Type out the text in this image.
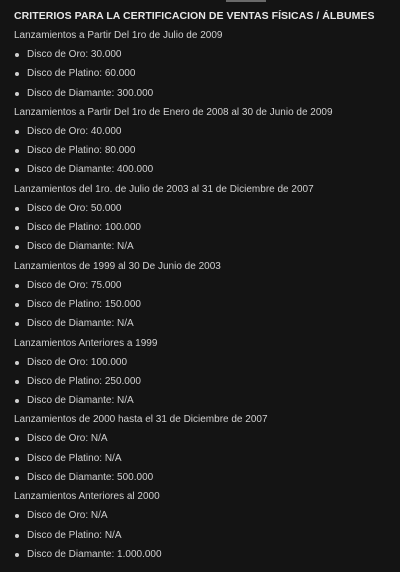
CRITERIOS PARA LA CERTIFICACION DE VENTAS FÍSICAS / ÁLBUMES
Lanzamientos a Partir Del 1ro de Julio de 2009
Disco de Oro: 30.000
Disco de Platino: 60.000
Disco de Diamante: 300.000
Lanzamientos a Partir Del 1ro de Enero de 2008 al 30 de Junio de 2009
Disco de Oro: 40.000
Disco de Platino: 80.000
Disco de Diamante: 400.000
Lanzamientos del 1ro. de Julio de 2003 al 31 de Diciembre de 2007
Disco de Oro: 50.000
Disco de Platino: 100.000
Disco de Diamante: N/A
Lanzamientos de 1999 al 30 De Junio de 2003
Disco de Oro: 75.000
Disco de Platino: 150.000
Disco de Diamante: N/A
Lanzamientos Anteriores a 1999
Disco de Oro: 100.000
Disco de Platino: 250.000
Disco de Diamante: N/A
Lanzamientos de 2000 hasta el 31 de Diciembre de 2007
Disco de Oro: N/A
Disco de Platino: N/A
Disco de Diamante: 500.000
Lanzamientos Anteriores al 2000
Disco de Oro: N/A
Disco de Platino: N/A
Disco de Diamante: 1.000.000
